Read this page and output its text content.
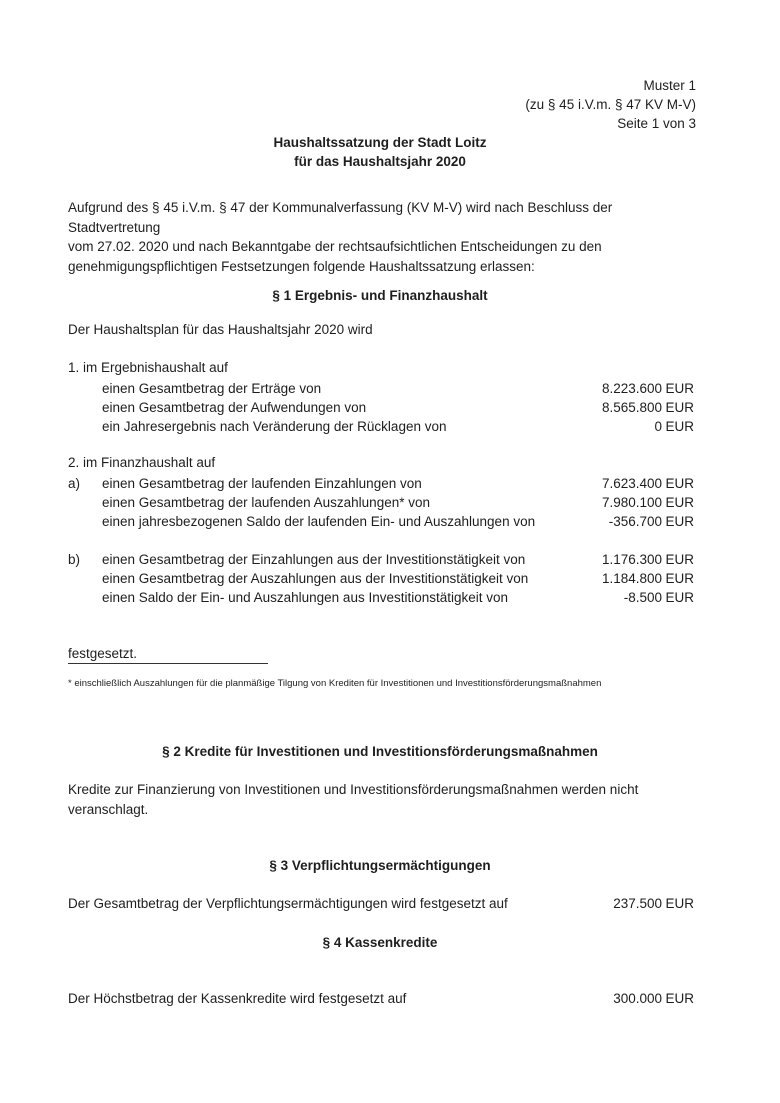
Muster 1
(zu § 45 i.V.m. § 47 KV M-V)
Seite 1 von 3
Haushaltssatzung der Stadt Loitz
für das Haushaltsjahr 2020
Aufgrund des § 45 i.V.m. § 47 der Kommunalverfassung (KV M-V) wird nach Beschluss der Stadtvertretung
vom 27.02. 2020 und nach Bekanntgabe der rechtsaufsichtlichen Entscheidungen zu den
genehmigungspflichtigen Festsetzungen folgende Haushaltssatzung erlassen:
§ 1 Ergebnis- und Finanzhaushalt
Der Haushaltsplan für das Haushaltsjahr 2020 wird
1. im Ergebnishaushalt auf
einen Gesamtbetrag der Erträge von	8.223.600 EUR
einen Gesamtbetrag der Aufwendungen von	8.565.800 EUR
ein Jahresergebnis nach Veränderung der Rücklagen von	0 EUR
2. im Finanzhaushalt auf
a) einen Gesamtbetrag der laufenden Einzahlungen von	7.623.400 EUR
einen Gesamtbetrag der laufenden Auszahlungen* von	7.980.100 EUR
einen jahresbezogenen Saldo der laufenden Ein- und Auszahlungen von	-356.700 EUR
b) einen Gesamtbetrag der Einzahlungen aus der Investitionstätigkeit von	1.176.300 EUR
einen Gesamtbetrag der Auszahlungen aus der Investitionstätigkeit von	1.184.800 EUR
einen Saldo der Ein- und Auszahlungen aus Investitionstätigkeit von	-8.500 EUR
festgesetzt.
* einschließlich Auszahlungen für die planmäßige Tilgung von Krediten für Investitionen und Investitionsförderungsmaßnahmen
§ 2 Kredite für Investitionen und Investitionsförderungsmaßnahmen
Kredite zur Finanzierung von Investitionen und Investitionsförderungsmaßnahmen werden nicht
veranschlagt.
§ 3 Verpflichtungsermächtigungen
Der Gesamtbetrag der Verpflichtungsermächtigungen wird festgesetzt auf	237.500 EUR
§ 4 Kassenkredite
Der Höchstbetrag der Kassenkredite wird festgesetzt auf	300.000 EUR
